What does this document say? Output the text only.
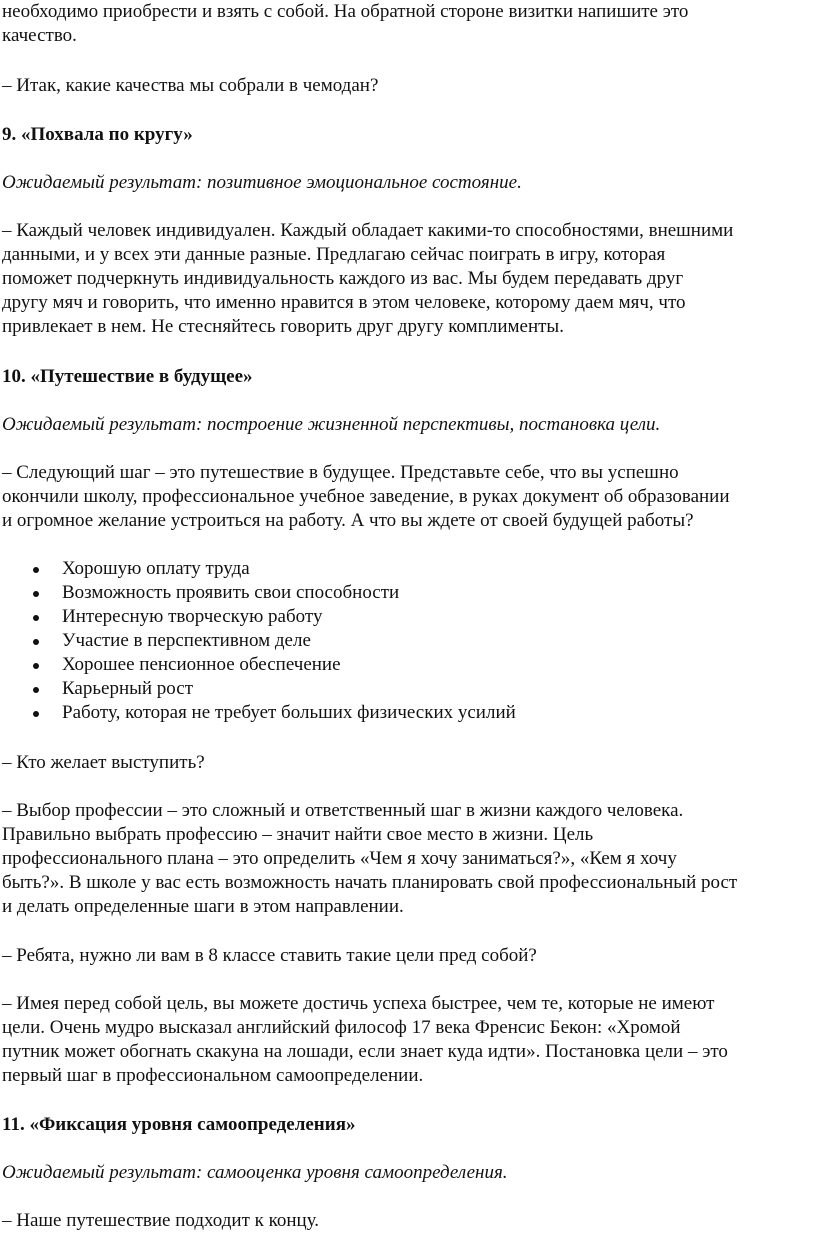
необходимо приобрести и взять с собой. На обратной стороне визитки напишите это
качество.

– Итак, какие качества мы собрали в чемодан?

9. «Похвала по кругу»

Ожидаемый результат: позитивное эмоциональное состояние.

– Каждый человек индивидуален. Каждый обладает какими-то способностями, внешними
данными, и у всех эти данные разные. Предлагаю сейчас поиграть в игру, которая
поможет подчеркнуть индивидуальность каждого из вас. Мы будем передавать друг
другу мяч и говорить, что именно нравится в этом человеке, которому даем мяч, что
привлекает в нем. Не стесняйтесь говорить друг другу комплименты.

10. «Путешествие в будущее»

Ожидаемый результат: построение жизненной перспективы, постановка цели.

– Следующий шаг – это путешествие в будущее. Представьте себе, что вы успешно
окончили школу, профессиональное учебное заведение, в руках документ об образовании
и огромное желание устроиться на работу. А что вы ждете от своей будущей работы?

Хорошую оплату труда
Возможность проявить свои способности
Интересную творческую работу
Участие в перспективном деле
Хорошее пенсионное обеспечение
Карьерный рост
Работу, которая не требует больших физических усилий

– Кто желает выступить?

– Выбор профессии – это сложный и ответственный шаг в жизни каждого человека.
Правильно выбрать профессию – значит найти свое место в жизни. Цель
профессионального плана – это определить «Чем я хочу заниматься?», «Кем я хочу
быть?». В школе у вас есть возможность начать планировать свой профессиональный рост
и делать определенные шаги в этом направлении.

– Ребята, нужно ли вам в 8 классе ставить такие цели пред собой?

– Имея перед собой цель, вы можете достичь успеха быстрее, чем те, которые не имеют
цели. Очень мудро высказал английский философ 17 века Френсис Бекон: «Хромой
путник может обогнать скакуна на лошади, если знает куда идти». Постановка цели – это
первый шаг в профессиональном самоопределении.

11. «Фиксация уровня самоопределения»

Ожидаемый результат: самооценка уровня самоопределения.

– Наше путешествие подходит к концу.
